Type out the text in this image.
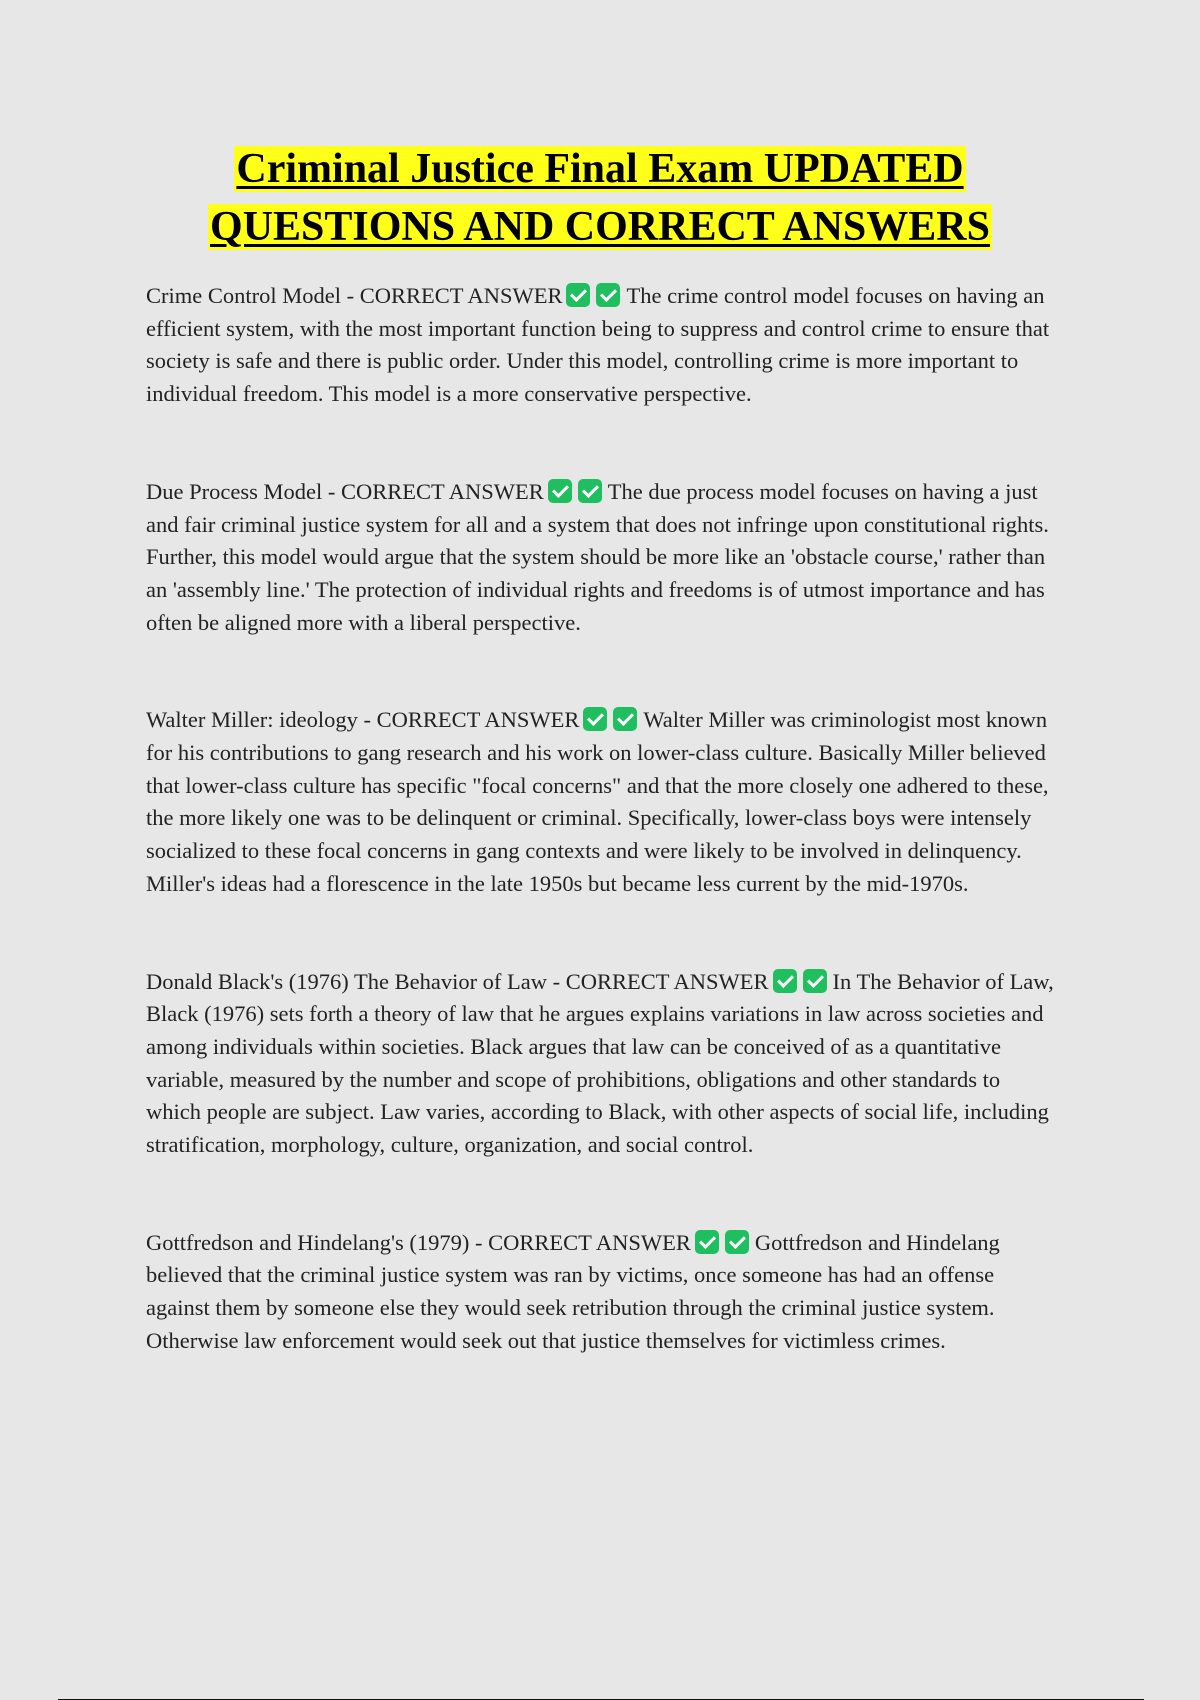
Criminal Justice Final Exam UPDATED
QUESTIONS AND CORRECT ANSWERS

Crime Control Model - CORRECT ANSWER	The crime control model focuses on having an efficient system, with the most important function being to suppress and control crime to ensure that society is safe and there is public order. Under this model, controlling crime is more important to individual freedom. This model is a more conservative perspective.

Due Process Model - CORRECT ANSWER	The due process model focuses on having a just and fair criminal justice system for all and a system that does not infringe upon constitutional rights. Further, this model would argue that the system should be more like an 'obstacle course,' rather than an 'assembly line.' The protection of individual rights and freedoms is of utmost importance and has often be aligned more with a liberal perspective.

Walter Miller: ideology - CORRECT ANSWER	Walter Miller was criminologist most known for his contributions to gang research and his work on lower-class culture. Basically Miller believed that lower-class culture has specific "focal concerns" and that the more closely one adhered to these, the more likely one was to be delinquent or criminal. Specifically, lower-class boys were intensely socialized to these focal concerns in gang contexts and were likely to be involved in delinquency. Miller's ideas had a florescence in the late 1950s but became less current by the mid-1970s.

Donald Black's (1976) The Behavior of Law - CORRECT ANSWER	In The Behavior of Law, Black (1976) sets forth a theory of law that he argues explains variations in law across societies and among individuals within societies. Black argues that law can be conceived of as a quantitative variable, measured by the number and scope of prohibitions, obligations and other standards to which people are subject. Law varies, according to Black, with other aspects of social life, including stratification, morphology, culture, organization, and social control.

Gottfredson and Hindelang's (1979) - CORRECT ANSWER	Gottfredson and Hindelang believed that the criminal justice system was ran by victims, once someone has had an offense against them by someone else they would seek retribution through the criminal justice system. Otherwise law enforcement would seek out that justice themselves for victimless crimes.
